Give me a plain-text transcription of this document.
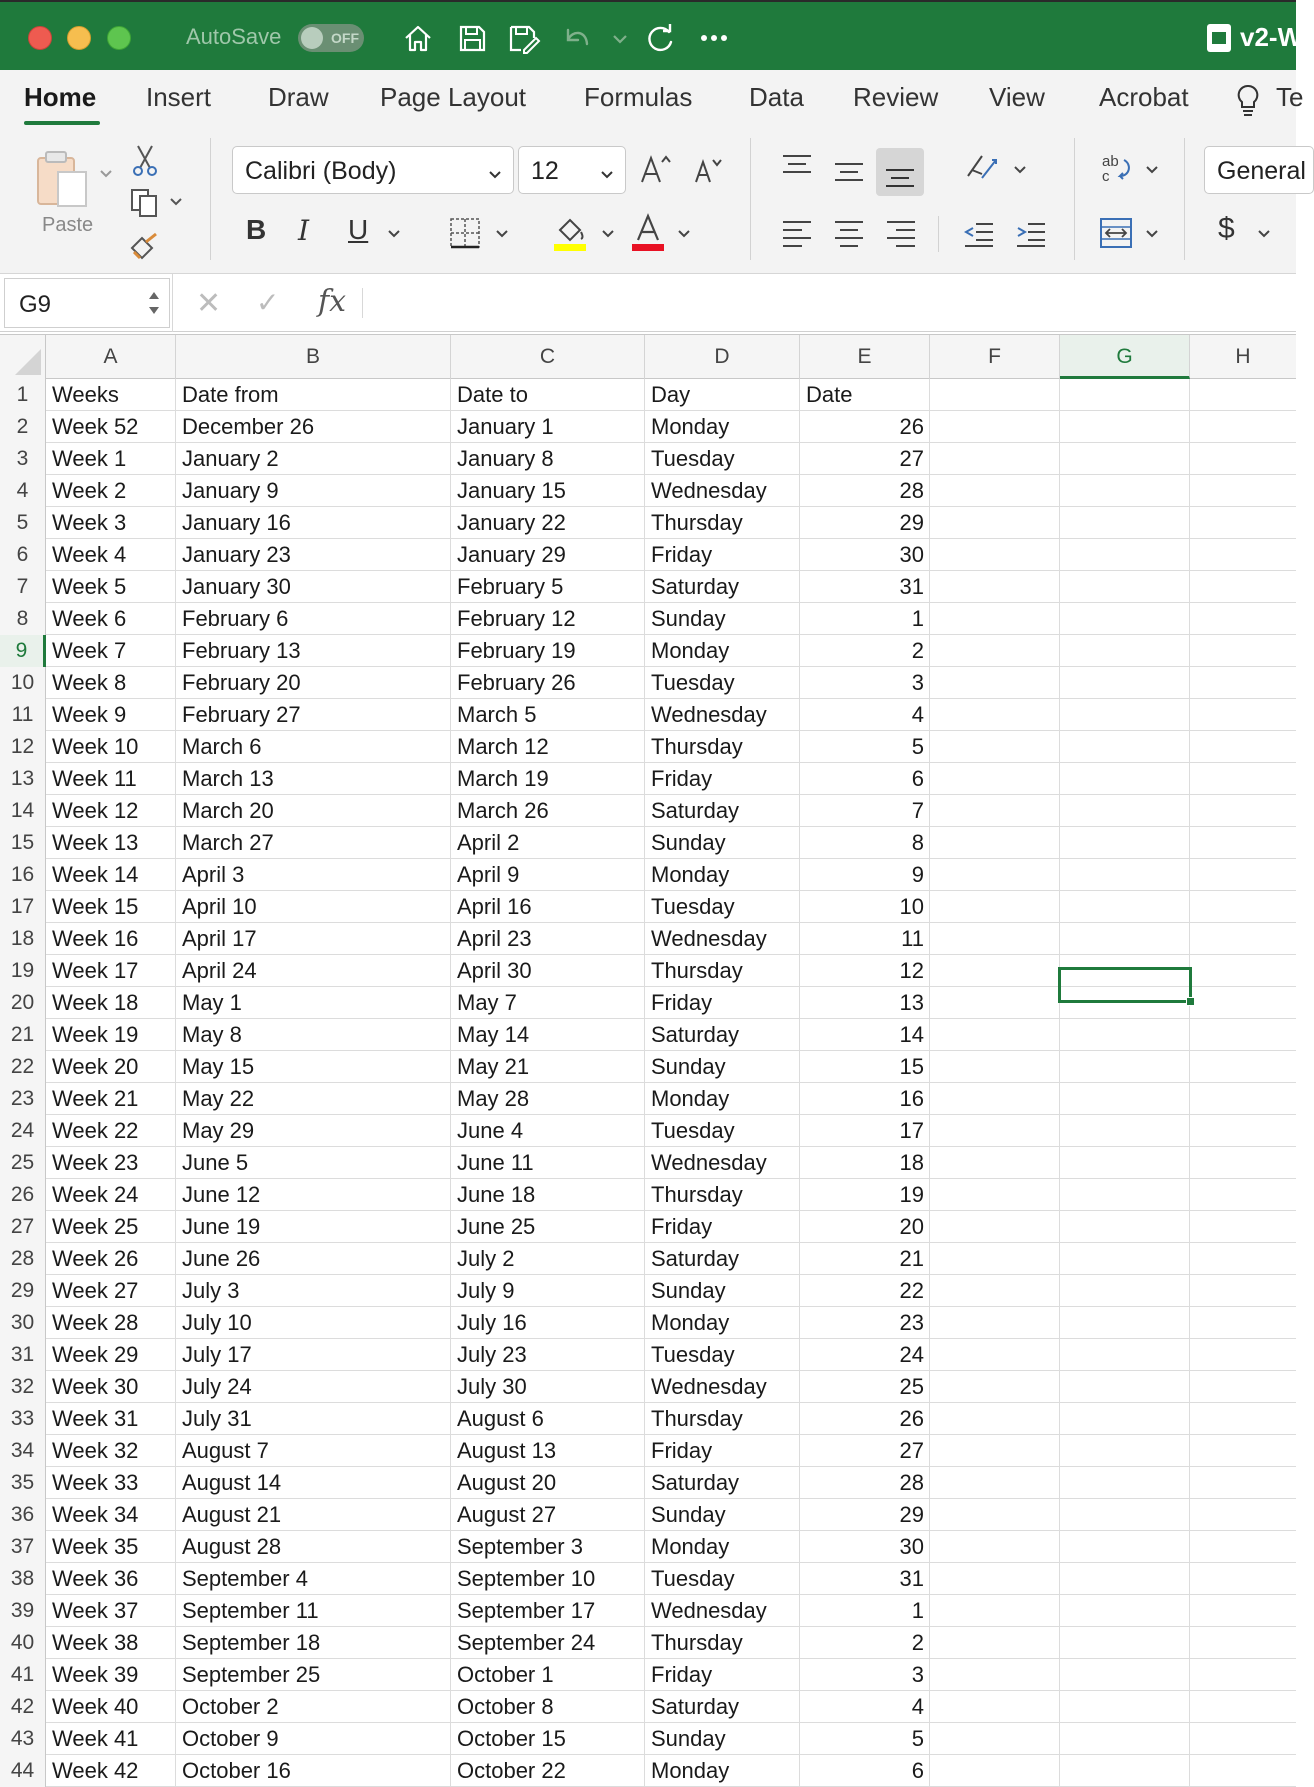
AutoSave	OFF	v2-W
Home Insert Draw Page Layout Formulas Data Review View Acrobat	Te
Paste
Calibri (Body)	12
B I U
ab
c	General
$
G9	✕ ✓ fx
A	B	C	D	E	F	G	H
1	Weeks	Date from	Date to	Day	Date
2	Week 52	December 26	January 1	Monday	26
3	Week 1	January 2	January 8	Tuesday	27
4	Week 2	January 9	January 15	Wednesday	28
5	Week 3	January 16	January 22	Thursday	29
6	Week 4	January 23	January 29	Friday	30
7	Week 5	January 30	February 5	Saturday	31
8	Week 6	February 6	February 12	Sunday	1
9	Week 7	February 13	February 19	Monday	2
10 Week 8	February 20	February 26	Tuesday	3
11 Week 9	February 27	March 5	Wednesday	4
12 Week 10	March 6	March 12	Thursday	5
13 Week 11	March 13	March 19	Friday	6
14 Week 12	March 20	March 26	Saturday	7
15 Week 13	March 27	April 2	Sunday	8
16 Week 14	April 3	April 9	Monday	9
17 Week 15	April 10	April 16	Tuesday	10
18 Week 16	April 17	April 23	Wednesday	11
19 Week 17	April 24	April 30	Thursday	12
20 Week 18	May 1	May 7	Friday	13
21 Week 19	May 8	May 14	Saturday	14
22 Week 20	May 15	May 21	Sunday	15
23 Week 21	May 22	May 28	Monday	16
24 Week 22	May 29	June 4	Tuesday	17
25 Week 23	June 5	June 11	Wednesday	18
26 Week 24	June 12	June 18	Thursday	19
27 Week 25	June 19	June 25	Friday	20
28 Week 26	June 26	July 2	Saturday	21
29 Week 27	July 3	July 9	Sunday	22
30 Week 28	July 10	July 16	Monday	23
31 Week 29	July 17	July 23	Tuesday	24
32 Week 30	July 24	July 30	Wednesday	25
33 Week 31	July 31	August 6	Thursday	26
34 Week 32	August 7	August 13	Friday	27
35 Week 33	August 14	August 20	Saturday	28
36 Week 34	August 21	August 27	Sunday	29
37 Week 35	August 28	September 3	Monday	30
38 Week 36	September 4	September 10	Tuesday	31
39 Week 37	September 11	September 17	Wednesday	1
40 Week 38	September 18	September 24	Thursday	2
41 Week 39	September 25	October 1	Friday	3
42 Week 40	October 2	October 8	Saturday	4
43 Week 41	October 9	October 15	Sunday	5
44 Week 42	October 16	October 22	Monday	6
